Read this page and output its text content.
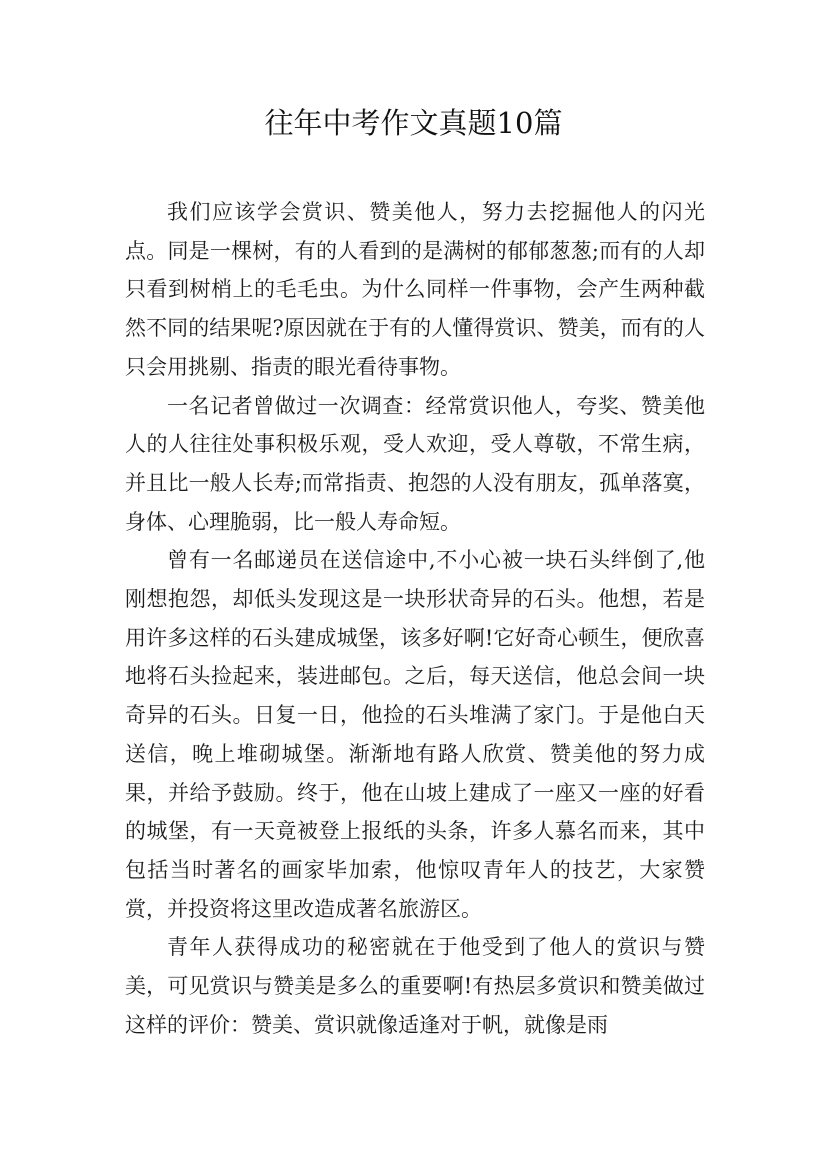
往年中考作文真题10篇

我们应该学会赏识、赞美他人，努力去挖掘他人的闪光点。同是一棵树，有的人看到的是满树的郁郁葱葱;而有的人却只看到树梢上的毛毛虫。为什么同样一件事物，会产生两种截然不同的结果呢?原因就在于有的人懂得赏识、赞美，而有的人只会用挑剔、指责的眼光看待事物。

一名记者曾做过一次调查：经常赏识他人，夸奖、赞美他人的人往往处事积极乐观，受人欢迎，受人尊敬，不常生病，并且比一般人长寿;而常指责、抱怨的人没有朋友，孤单落寞，身体、心理脆弱，比一般人寿命短。

曾有一名邮递员在送信途中,不小心被一块石头绊倒了,他刚想抱怨，却低头发现这是一块形状奇异的石头。他想，若是用许多这样的石头建成城堡，该多好啊!它好奇心顿生，便欣喜地将石头捡起来，装进邮包。之后，每天送信，他总会间一块奇异的石头。日复一日，他捡的石头堆满了家门。于是他白天送信，晚上堆砌城堡。渐渐地有路人欣赏、赞美他的努力成果，并给予鼓励。终于，他在山坡上建成了一座又一座的好看的城堡，有一天竟被登上报纸的头条，许多人慕名而来，其中包括当时著名的画家毕加索，他惊叹青年人的技艺，大家赞赏，并投资将这里改造成著名旅游区。

青年人获得成功的秘密就在于他受到了他人的赏识与赞美，可见赏识与赞美是多么的重要啊!有热层多赏识和赞美做过这样的评价：赞美、赏识就像适逢对于帆，就像是雨
